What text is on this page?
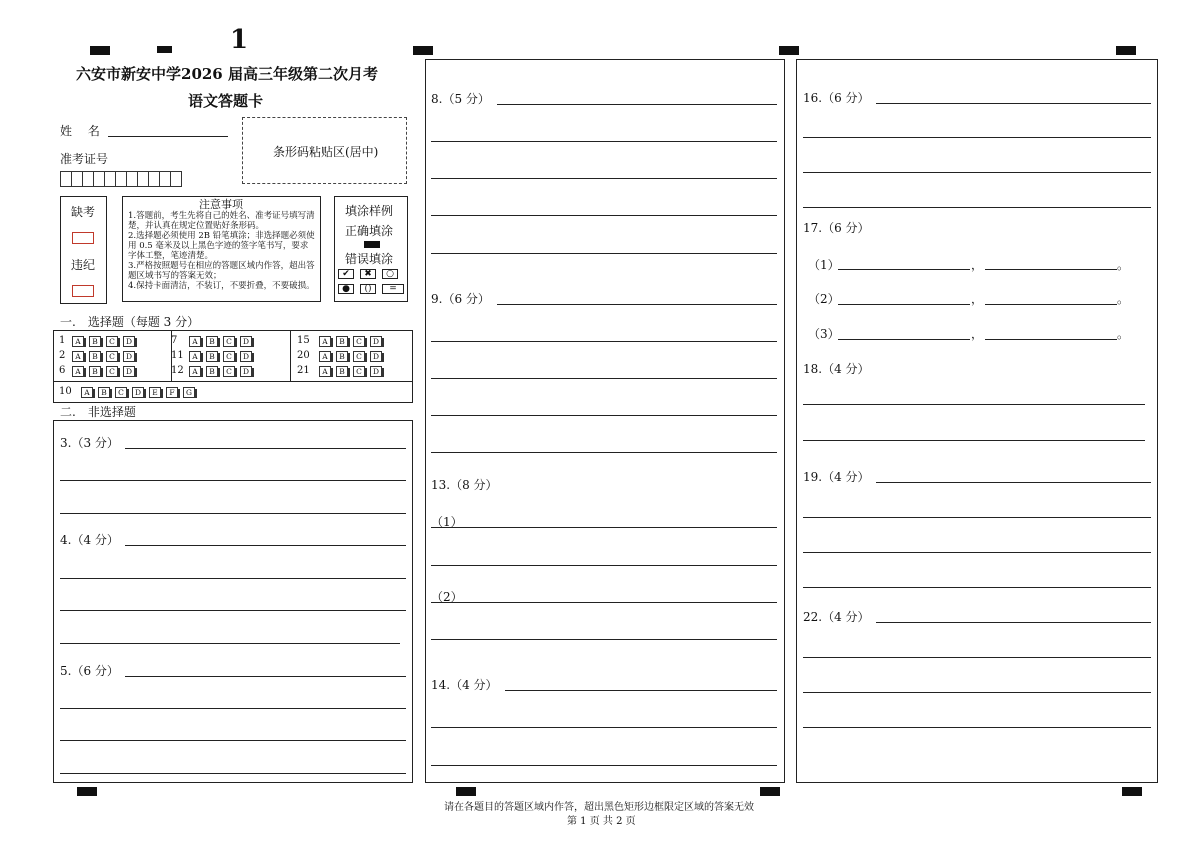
1
六安市新安中学2026 届高三年级第二次月考
语文答题卡
姓　 名
准考证号	条形码粘贴区(居中)
缺考
违纪
注意事项
1.答题前，考生先将自己的姓名、准考证号填写清楚，并认真在规定位置贴好条形码。
2.选择题必须使用 2B 铅笔填涂；非选择题必须使用 0.5 毫米及以上黑色字迹的签字笔书写，要求字体工整，笔迹清楚。
3.严格按照题号在相应的答题区域内作答，超出答题区域书写的答案无效；
4.保持卡面清洁，不装订，不要折叠，不要破损。
填涂样例
正确填涂
错误填涂
✔	✖	○
●	()	=
一.　选择题（每题 3 分）
1 A B C D
2 A B C D
6 A B C D
7 A B C D
11 A B C D
12 A B C D
15 A B C D
20 A B C D
21 A B C D
10 A B C D E F G
二.　非选择题
3.（3 分）
4.（4 分）
5.（6 分）
8.（5 分）
9.（6 分）
13.（8 分）
（1）
（2）
14.（4 分）
16.（6 分）
17.（6 分）
（1）	，	。
（2）	，	。
（3）	，	。
18.（4 分）
19.（4 分）
22.（4 分）
请在各题目的答题区域内作答，超出黑色矩形边框限定区域的答案无效
第 1 页 共 2 页
